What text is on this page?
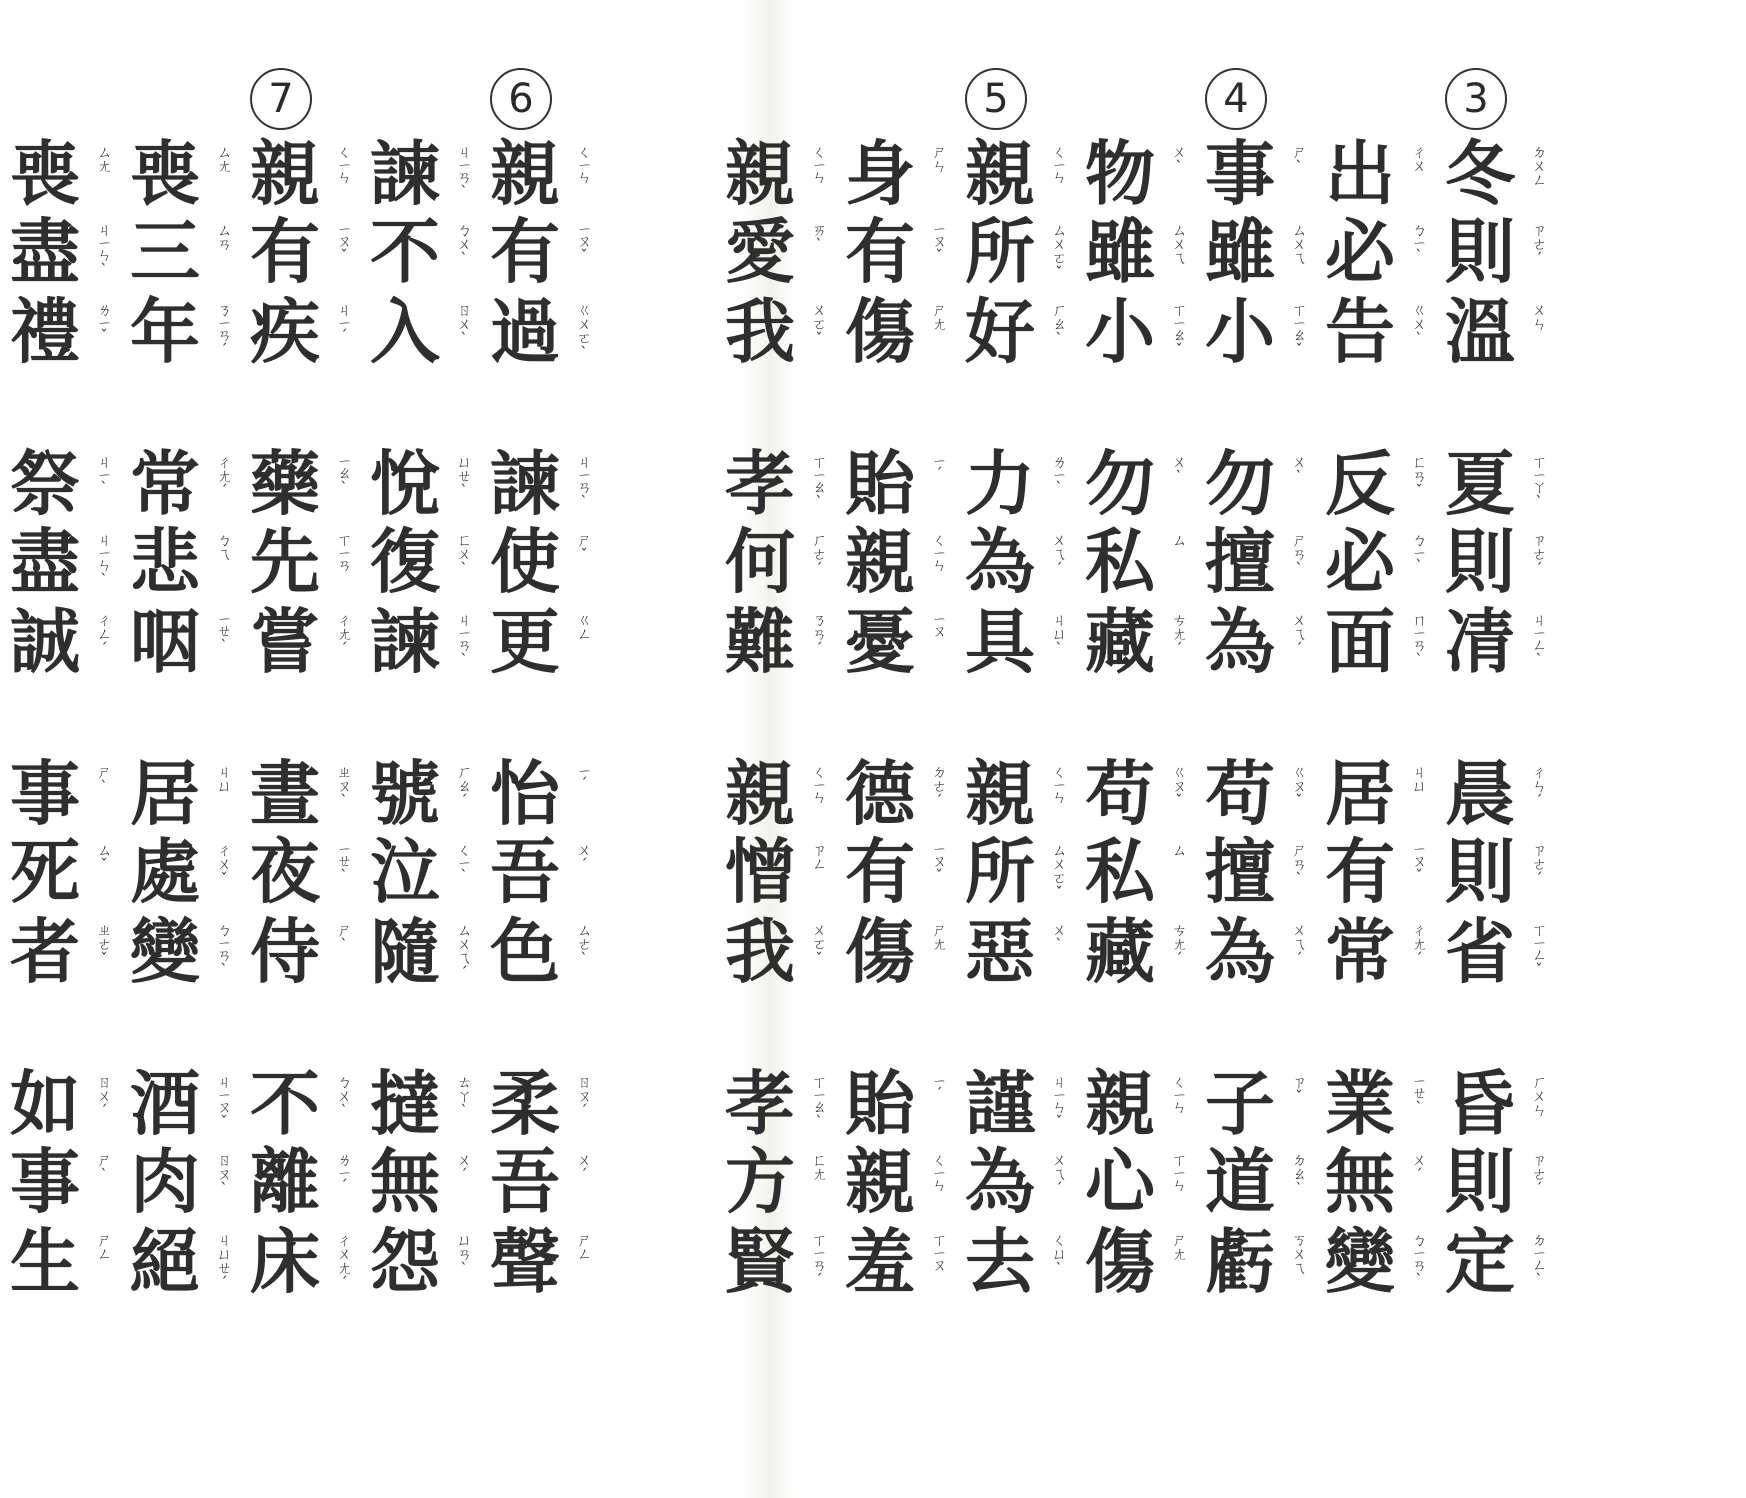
6
親	ㄑㄧㄣ
有	ㄧㄡˇ
過	ㄍㄨㄛˋ
諫	ㄐㄧㄢˋ
使	ㄕˇ
更	ㄍㄥ
怡	ㄧˊ
吾	ㄨˊ
色	ㄙㄜˋ
柔	ㄖㄡˊ
吾	ㄨˊ
聲	ㄕㄥ
諫	ㄐㄧㄢˋ
不	ㄅㄨˋ
入	ㄖㄨˋ
悅	ㄩㄝˋ
復	ㄈㄨˋ
諫	ㄐㄧㄢˋ
號	ㄏㄠˊ
泣	ㄑㄧˋ
隨	ㄙㄨㄟˊ
撻	ㄊㄚˋ
無	ㄨˊ
怨	ㄩㄢˋ
7
親	ㄑㄧㄣ
有	ㄧㄡˇ
疾	ㄐㄧˊ
藥	ㄧㄠˋ
先	ㄒㄧㄢ
嘗	ㄔㄤˊ
晝	ㄓㄡˋ
夜	ㄧㄝˋ
侍	ㄕˋ
不	ㄅㄨˋ
離	ㄌㄧˊ
床	ㄔㄨㄤˊ
喪	ㄙㄤ
三	ㄙㄢ
年	ㄋㄧㄢˊ
常	ㄔㄤˊ
悲	ㄅㄟ
咽	ㄧㄝˋ
居	ㄐㄩ
處	ㄔㄨˇ
變	ㄅㄧㄢˋ
酒	ㄐㄧㄡˇ
肉	ㄖㄡˋ
絕	ㄐㄩㄝˊ
喪	ㄙㄤ
盡	ㄐㄧㄣˋ
禮	ㄌㄧˇ
祭	ㄐㄧˋ
盡	ㄐㄧㄣˋ
誠	ㄔㄥˊ
事	ㄕˋ
死	ㄙˇ
者	ㄓㄜˇ
如	ㄖㄨˊ
事	ㄕˋ
生	ㄕㄥ
3
冬	ㄉㄨㄥ
則	ㄗㄜˊ
溫	ㄨㄣ
夏	ㄒㄧㄚˋ
則	ㄗㄜˊ
凊	ㄐㄧㄥˋ
晨	ㄔㄣˊ
則	ㄗㄜˊ
省	ㄒㄧㄥˇ
昏	ㄏㄨㄣ
則	ㄗㄜˊ
定	ㄉㄧㄥˋ
出	ㄔㄨ
必	ㄅㄧˋ
告	ㄍㄨˋ
反	ㄈㄢˇ
必	ㄅㄧˋ
面	ㄇㄧㄢˋ
居	ㄐㄩ
有	ㄧㄡˇ
常	ㄔㄤˊ
業	ㄧㄝˋ
無	ㄨˊ
變	ㄅㄧㄢˋ
4
事	ㄕˋ
雖	ㄙㄨㄟ
小	ㄒㄧㄠˇ
勿	ㄨˋ
擅	ㄕㄢˋ
為	ㄨㄟˊ
苟	ㄍㄡˇ
擅	ㄕㄢˋ
為	ㄨㄟˊ
子	ㄗˇ
道	ㄉㄠˋ
虧	ㄎㄨㄟ
物	ㄨˋ
雖	ㄙㄨㄟ
小	ㄒㄧㄠˇ
勿	ㄨˋ
私	ㄙ
藏	ㄘㄤˊ
苟	ㄍㄡˇ
私	ㄙ
藏	ㄘㄤˊ
親	ㄑㄧㄣ
心	ㄒㄧㄣ
傷	ㄕㄤ
5
親	ㄑㄧㄣ
所	ㄙㄨㄛˇ
好	ㄏㄠˋ
力	ㄌㄧˋ
為	ㄨㄟˊ
具	ㄐㄩˋ
親	ㄑㄧㄣ
所	ㄙㄨㄛˇ
惡	ㄨˋ
謹	ㄐㄧㄣˇ
為	ㄨㄟˊ
去	ㄑㄩˋ
身	ㄕㄣ
有	ㄧㄡˇ
傷	ㄕㄤ
貽	ㄧˊ
親	ㄑㄧㄣ
憂	ㄧㄡ
德	ㄉㄜˊ
有	ㄧㄡˇ
傷	ㄕㄤ
貽	ㄧˊ
親	ㄑㄧㄣ
羞	ㄒㄧㄡ
親	ㄑㄧㄣ
愛	ㄞˋ
我	ㄨㄛˇ
孝	ㄒㄧㄠˋ
何	ㄏㄜˊ
難	ㄋㄢˊ
親	ㄑㄧㄣ
憎	ㄗㄥ
我	ㄨㄛˇ
孝	ㄒㄧㄠˋ
方	ㄈㄤ
賢	ㄒㄧㄢˊ
